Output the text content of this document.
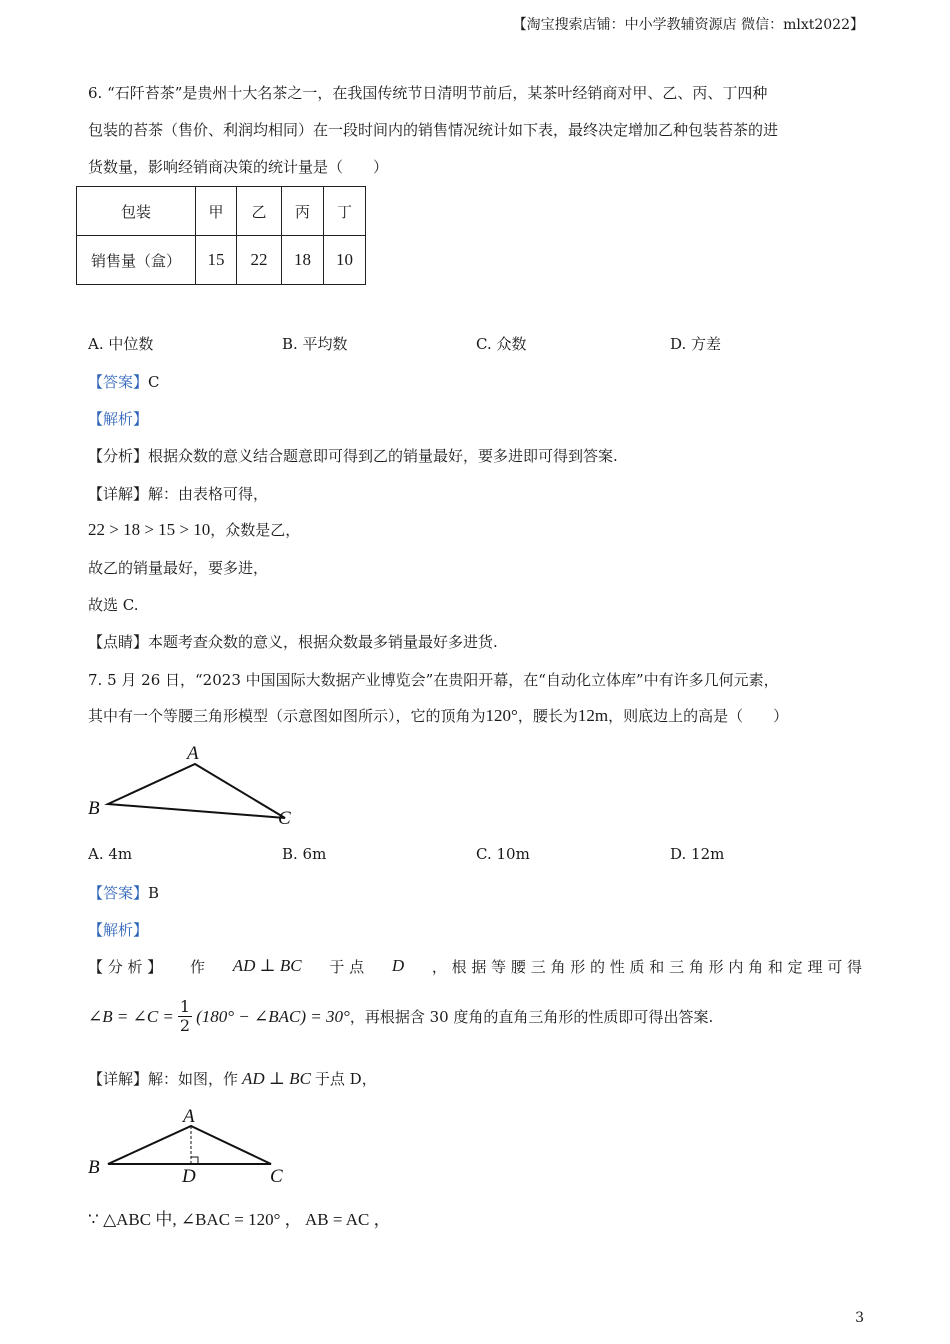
【淘宝搜索店铺：中小学教辅资源店 微信：mlxt2022】
6. “石阡苔茶”是贵州十大名茶之一，在我国传统节日清明节前后，某茶叶经销商对甲、乙、丙、丁四种
包装的苔茶（售价、利润均相同）在一段时间内的销售情况统计如下表，最终决定增加乙种包装苔茶的进
货数量，影响经销商决策的统计量是（　　）
包装	甲	乙	丙	丁
销售量（盒）	15	22	18	10
A. 中位数	B. 平均数	C. 众数	D. 方差
【答案】C
【解析】
【分析】根据众数的意义结合题意即可得到乙的销量最好，要多进即可得到答案.
【详解】解：由表格可得，
22 > 18 > 15 > 10，众数是乙，
故乙的销量最好，要多进，
故选 C.
【点睛】本题考查众数的意义，根据众数最多销量最好多进货.
7. 5 月 26 日，“2023 中国国际大数据产业博览会”在贵阳开幕，在“自动化立体库”中有许多几何元素，
其中有一个等腰三角形模型（示意图如图所示），它的顶角为120°，腰长为12m，则底边上的高是（　　）
A
B	C
A. 4m	B. 6m	C. 10m	D. 12m
【答案】B
【解析】
【 分 析 】 作 AD ⊥ BC 于 点 D ， 根 据 等 腰 三 角 形 的 性 质 和 三 角 形 内 角 和 定 理 可 得
∠B = ∠C = $\frac{1}{2} (180^\circ$ − ∠BAC) = 30° ，再根据含 30 度角的直角三角形的性质即可得出答案.
【详解】解：如图，作 AD ⊥ BC 于点 D，
A
B	C
D
∵ △ABC 中, ∠BAC = 120° ， AB = AC ，
3
